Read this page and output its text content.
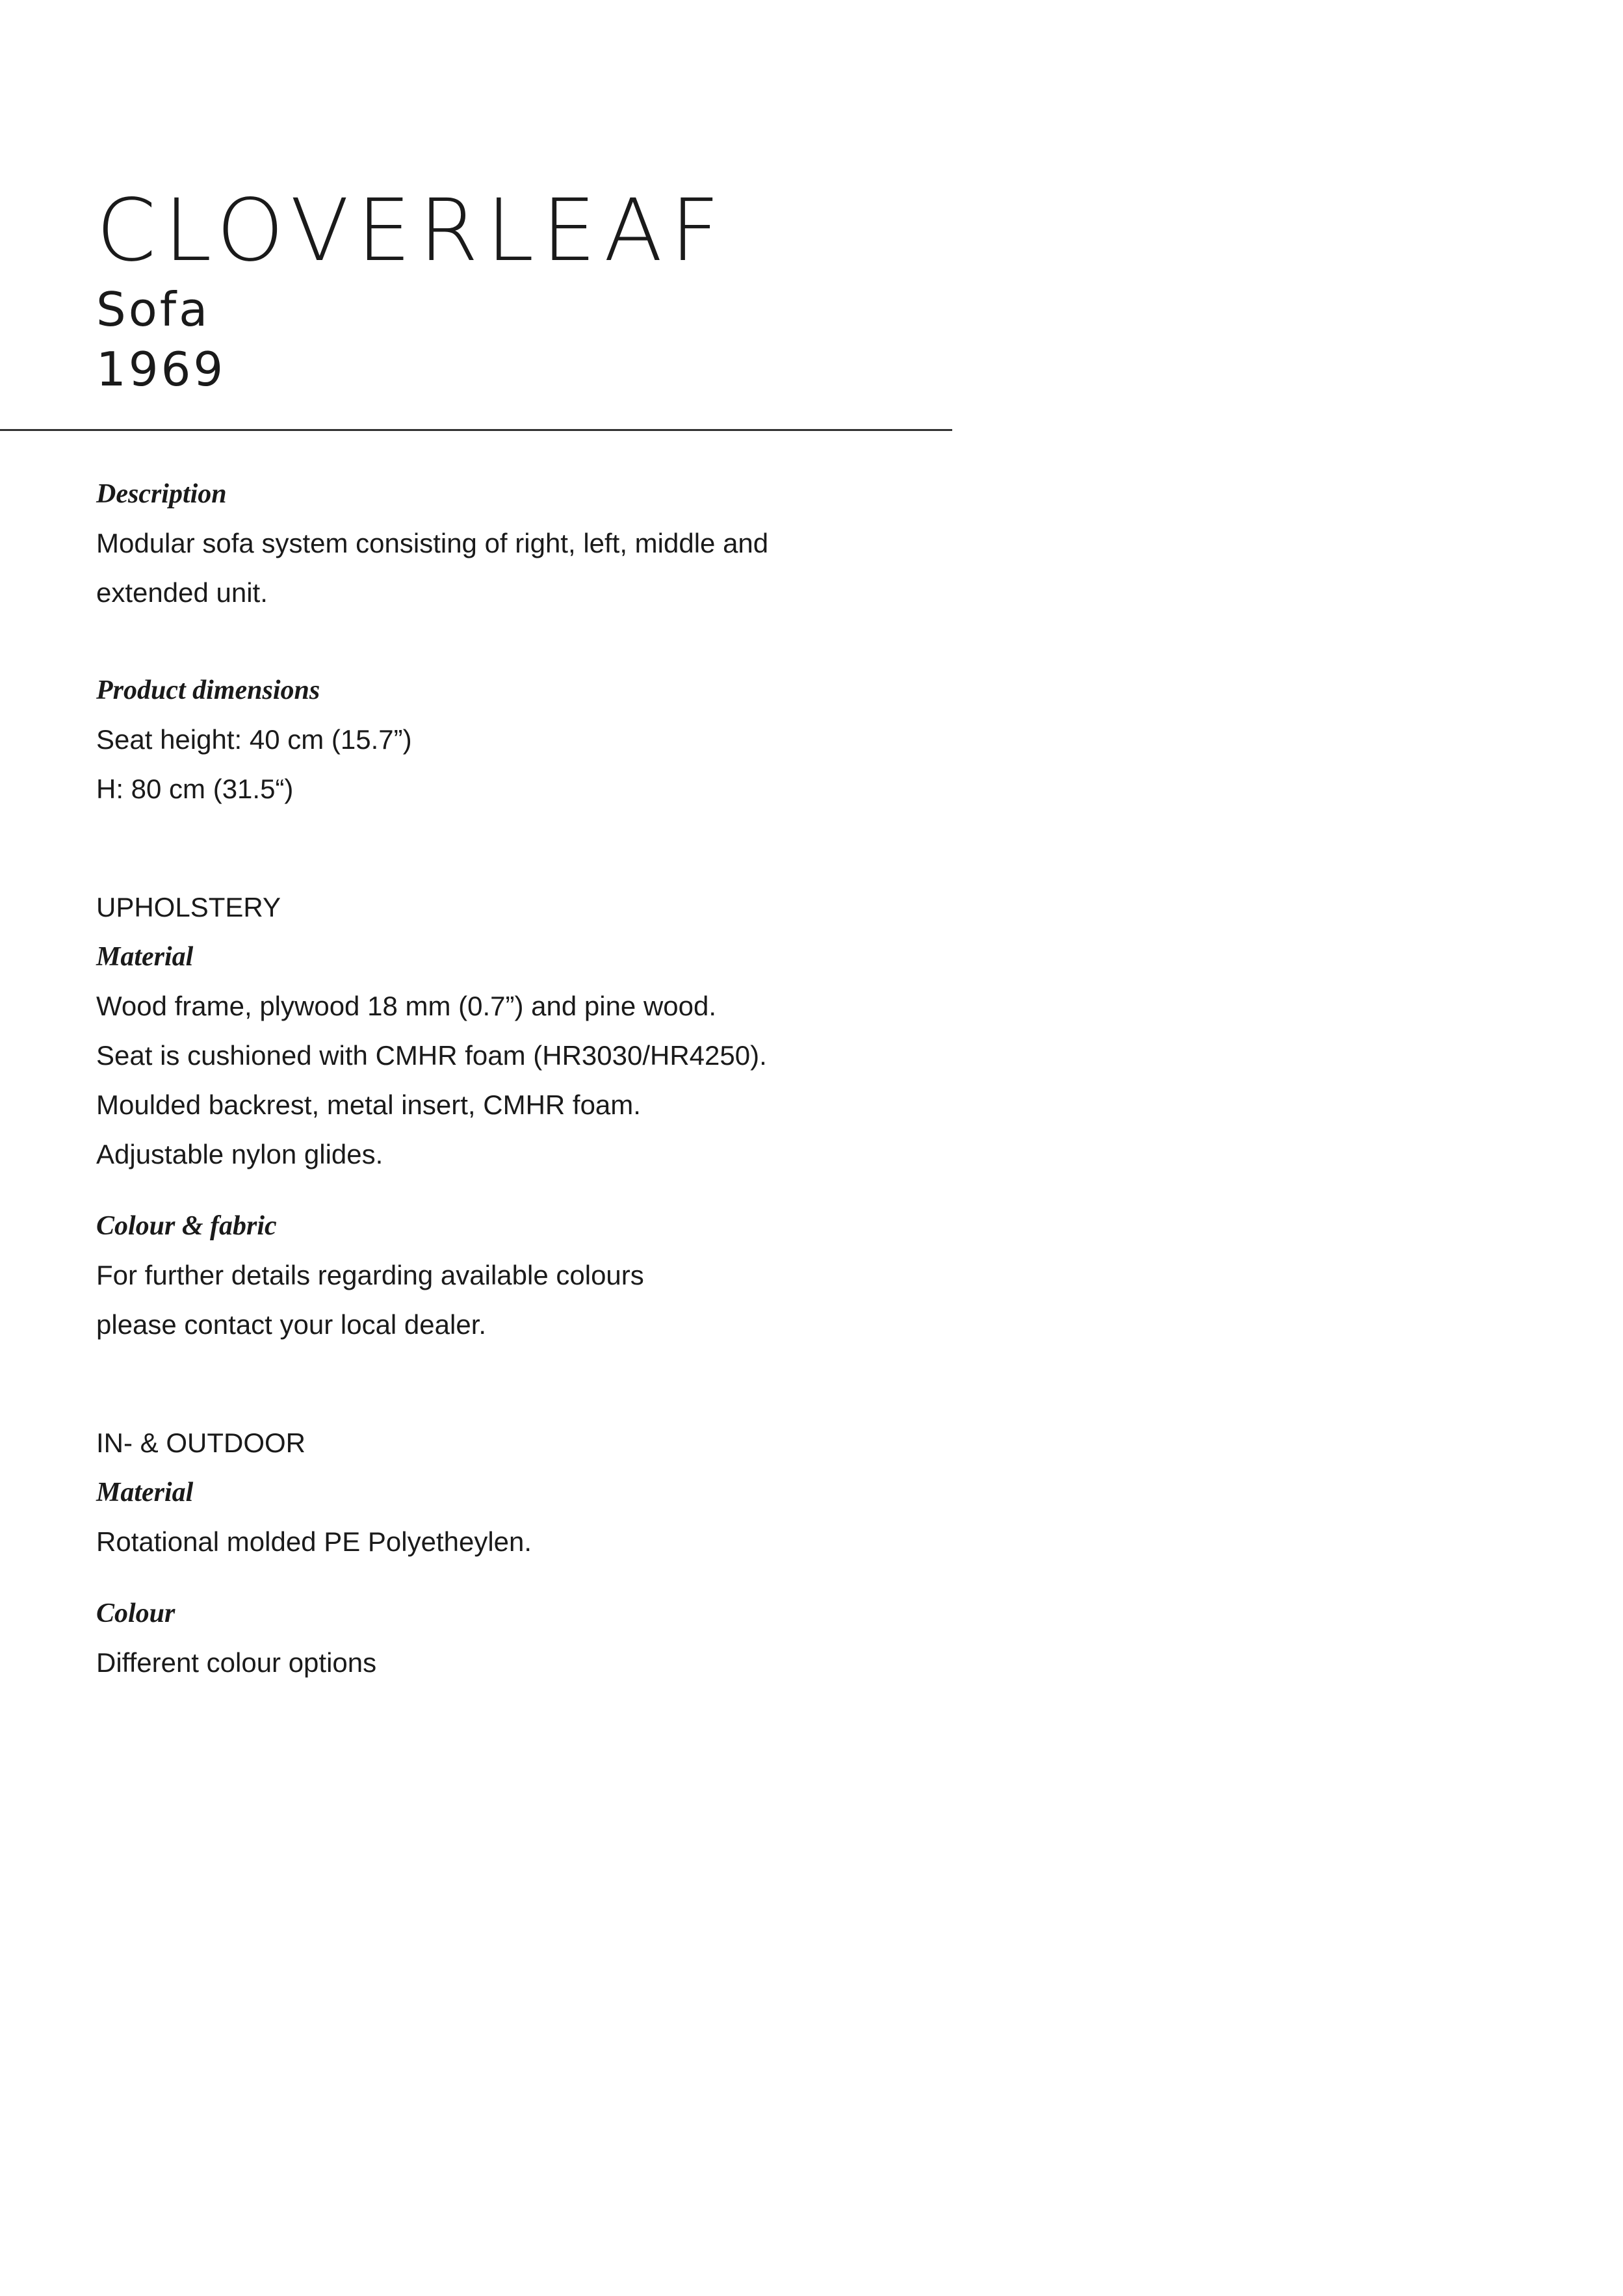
CLOVERLEAF

Sofa

1969

Description

Modular sofa system consisting of right, left, middle and

extended unit.

Product dimensions

Seat height: 40 cm (15.7”)

H: 80 cm (31.5“)

UPHOLSTERY

Material

Wood frame, plywood 18 mm (0.7”) and pine wood.

Seat is cushioned with CMHR foam (HR3030/HR4250).

Moulded backrest, metal insert, CMHR foam.

Adjustable nylon glides.

Colour & fabric

For further details regarding available colours

please contact your local dealer.

IN- & OUTDOOR

Material

Rotational molded PE Polyetheylen.

Colour

Different colour options
